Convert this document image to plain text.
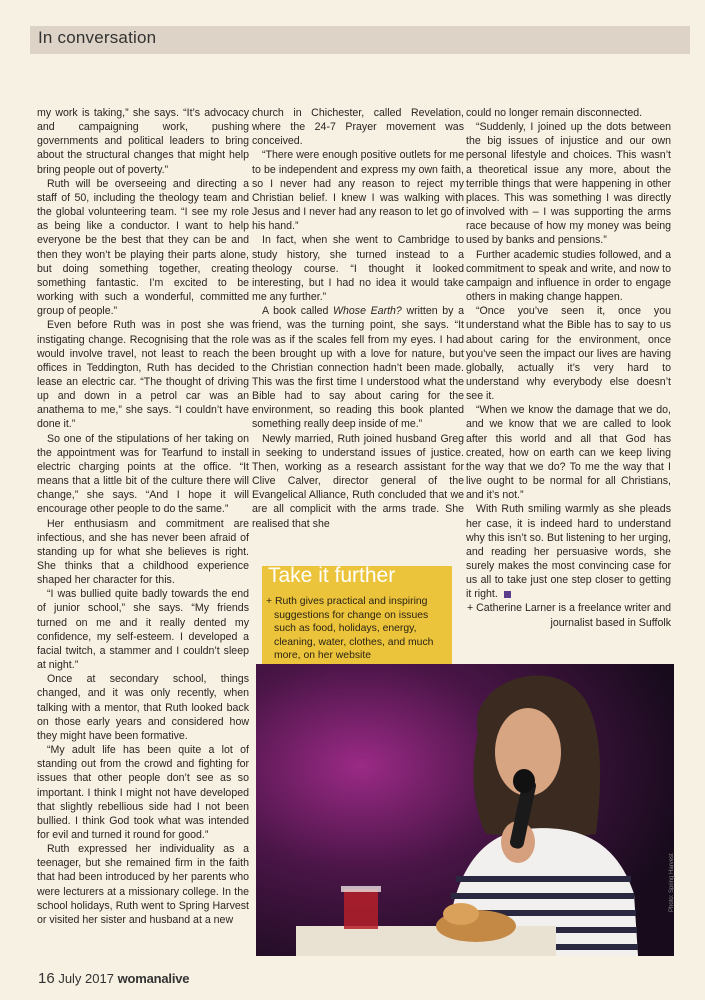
In conversation

my work is taking,” she says. “It’s advocacy and campaigning work, pushing governments and political leaders to bring about the structural changes that might help bring people out of poverty.”

Ruth will be overseeing and directing a staff of 50, including the theology team and the global volunteering team. “I see my role as being like a conductor. I want to help everyone be the best that they can be and then they won’t be playing their parts alone, but doing something together, creating something fantastic. I’m excited to be working with such a wonderful, committed group of people.”

Even before Ruth was in post she was instigating change. Recognising that the role would involve travel, not least to reach the offices in Teddington, Ruth has decided to lease an electric car. “The thought of driving up and down in a petrol car was an anathema to me,” she says. “I couldn’t have done it.”

So one of the stipulations of her taking on the appointment was for Tearfund to install electric charging points at the office. “It means that a little bit of the culture there will change,” she says. “And I hope it will encourage other people to do the same.”

Her enthusiasm and commitment are infectious, and she has never been afraid of standing up for what she believes is right. She thinks that a childhood experience shaped her character for this.

“I was bullied quite badly towards the end of junior school,” she says. “My friends turned on me and it really dented my confidence, my self-esteem. I developed a facial twitch, a stammer and I couldn’t sleep at night.”

Once at secondary school, things changed, and it was only recently, when talking with a mentor, that Ruth looked back on those early years and considered how they might have been formative.

“My adult life has been quite a lot of standing out from the crowd and fighting for issues that other people don’t see as so important. I think I might not have developed that slightly rebellious side had I not been bullied. I think God took what was intended for evil and turned it round for good.”

Ruth expressed her individuality as a teenager, but she remained firm in the faith that had been introduced by her parents who were lecturers at a missionary college. In the school holidays, Ruth went to Spring Harvest or visited her sister and husband at a new

church in Chichester, called Revelation, where the 24-7 Prayer movement was conceived.

“There were enough positive outlets for me to be independent and express my own faith, so I never had any reason to reject my Christian belief. I knew I was walking with Jesus and I never had any reason to let go of his hand.”

In fact, when she went to Cambridge to study history, she turned instead to a theology course. “I thought it looked interesting, but I had no idea it would take me any further.”

A book called Whose Earth? written by a friend, was the turning point, she says. “It was as if the scales fell from my eyes. I had been brought up with a love for nature, but the Christian connection hadn’t been made. This was the first time I understood what the Bible had to say about caring for the environment, so reading this book planted something really deep inside of me.”

Newly married, Ruth joined husband Greg in seeking to understand issues of justice. Then, working as a research assistant for Clive Calver, director general of the Evangelical Alliance, Ruth concluded that we are all complicit with the arms trade. She realised that she

could no longer remain disconnected.

“Suddenly, I joined up the dots between the big issues of injustice and our own personal lifestyle and choices. This wasn’t a theoretical issue any more, about the terrible things that were happening in other places. This was something I was directly involved with – I was supporting the arms race because of how my money was being used by banks and pensions.”

Further academic studies followed, and a commitment to speak and write, and now to campaign and influence in order to engage others in making change happen.

“Once you’ve seen it, once you understand what the Bible has to say to us about caring for the environment, once you’ve seen the impact our lives are having globally, actually it’s very hard to understand why everybody else doesn’t see it.

“When we know the damage that we do, and we know that we are called to look after this world and all that God has created, how on earth can we keep living the way that we do? To me the way that I live ought to be normal for all Christians, and it’s not.”

With Ruth smiling warmly as she pleads her case, it is indeed hard to understand why this isn’t so. But listening to her urging, and reading her persuasive words, she surely makes the most convincing case for us all to take just one step closer to getting it right.

+ Catherine Larner is a freelance writer and journalist based in Suffolk

Take it further

+ Ruth gives practical and inspiring suggestions for change on issues such as food, holidays, energy, cleaning, water, clothes, and much more, on her website

Photo: Spring Harvest
16 July 2017 womanalive
